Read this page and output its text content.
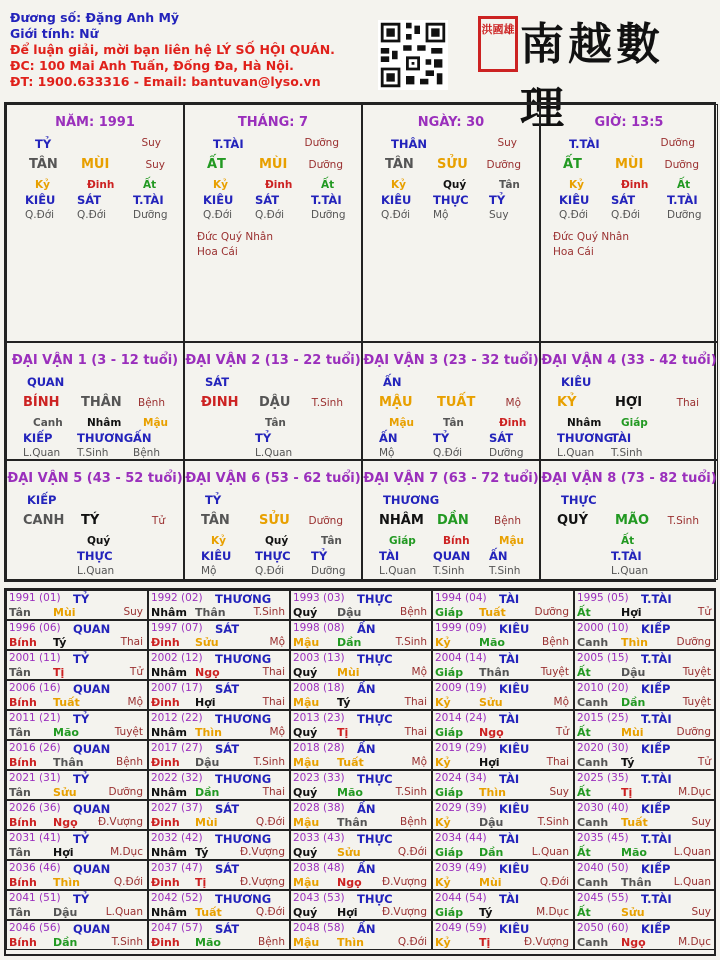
Đương số: Đặng Anh Mỹ
Giới tính: Nữ
Để luận giải, mời bạn liên hệ LÝ SỐ HỘI QUÁN.
ĐC: 100 Mai Anh Tuấn, Đống Đa, Hà Nội.
ĐT: 1900.633316 - Email: bantuvan@lyso.vn
洪國雄 南越數理
NĂM: 1991
TỶ	Suy
TÂN MÙI	Suy
Kỷ
KIÊU
Q.Đới
Đinh
SÁT
Q.Đới
Ất
T.TÀI
Dưỡng
THÁNG: 7
T.TÀI	Dưỡng
ẤT	MÙI Dưỡng
Kỷ
KIÊU
Q.Đới
Đinh
SÁT
Q.Đới
Ất
T.TÀI
Dưỡng
Đức Quý Nhân
Hoa Cái
NGÀY: 30
THÂN	Suy
TÂN SỬU Dưỡng
Kỷ
KIÊU
Q.Đới
Quý
THỰC
Mộ
Tân
TỶ
Suy
GIỜ: 13:5
T.TÀI	Dưỡng
ẤT	MÙI Dưỡng
Kỷ
KIÊU
Q.Đới
Đinh
SÁT
Q.Đới
Ất
T.TÀI
Dưỡng
Đức Quý Nhân
Hoa Cái
ĐẠI VẬN 1 (3 - 12 tuổi)
QUAN
BÍNH THÂN Bệnh
Canh
KIẾP
L.Quan
Nhâm
THƯƠNG
T.Sinh
Mậu
ẤN
Bệnh
ĐẠI VẬN 2 (13 - 22 tuổi)
SÁT
ĐINH DẬU T.Sinh
Tân
TỶ
L.Quan
ĐẠI VẬN 3 (23 - 32 tuổi)
ẤN
MẬU TUẤT	Mộ
Mậu
ẤN
Mộ
Tân
TỶ
Q.Đới
Đinh
SÁT
Dưỡng
ĐẠI VẬN 4 (33 - 42 tuổi)
KIÊU
KỶ	HỢI	Thai
Nhâm
THƯƠNG
L.Quan
Giáp
TÀI
T.Sinh
ĐẠI VẬN 5 (43 - 52 tuổi)
KIẾP
CANH TÝ	Tử
Quý
THỰC
L.Quan
ĐẠI VẬN 6 (53 - 62 tuổi)
TỶ
TÂN SỬU Dưỡng
Kỷ
KIÊU
Mộ
Quý
THỰC
Q.Đới
Tân
TỶ
Dưỡng
ĐẠI VẬN 7 (63 - 72 tuổi)
THƯƠNG
NHÂM DẦN Bệnh
Giáp
TÀI
L.Quan
Bính
QUAN
T.Sinh
Mậu
ẤN
T.Sinh
ĐẠI VẬN 8 (73 - 82 tuổi)
THỰC
QUÝ MÃO T.Sinh
Ất
T.TÀI
L.Quan
1991 (01) TỶ
Tân Mùi	Suy
1992 (02) THƯƠNG
Nhâm Thân	T.Sinh
1993 (03) THỰC
Quý Dậu	Bệnh
1994 (04) TÀI
Giáp Tuất	Dưỡng
1995 (05) T.TÀI
Ất	Hợi	Tử
1996 (06) QUAN
Bính Tý	Thai
1997 (07) SÁT
Đinh Sửu	Mộ
1998 (08) ẤN
Mậu Dần	T.Sinh
1999 (09) KIÊU
Kỷ	Mão	Bệnh
2000 (10) KIẾP
Canh Thìn	Dưỡng
2001 (11) TỶ
Tân Tị	Tử
2002 (12) THƯƠNG
Nhâm Ngọ	Thai
2003 (13) THỰC
Quý Mùi	Mộ
2004 (14) TÀI
Giáp Thân	Tuyệt
2005 (15) T.TÀI
Ất	Dậu	Tuyệt
2006 (16) QUAN
Bính Tuất	Mộ
2007 (17) SÁT
Đinh Hợi	Thai
2008 (18) ẤN
Mậu Tý	Thai
2009 (19) KIÊU
Kỷ	Sửu	Mộ
2010 (20) KIẾP
Canh Dần	Tuyệt
2011 (21) TỶ
Tân Mão	Tuyệt
2012 (22) THƯƠNG
Nhâm Thìn	Mộ
2013 (23) THỰC
Quý Tị	Thai
2014 (24) TÀI
Giáp Ngọ	Tử
2015 (25) T.TÀI
Ất	Mùi	Dưỡng
2016 (26) QUAN
Bính Thân	Bệnh
2017 (27) SÁT
Đinh Dậu	T.Sinh
2018 (28) ẤN
Mậu Tuất	Mộ
2019 (29) KIÊU
Kỷ	Hợi	Thai
2020 (30) KIẾP
Canh Tý	Tử
2021 (31) TỶ
Tân Sửu	Dưỡng
2022 (32) THƯƠNG
Nhâm Dần	Thai
2023 (33) THỰC
Quý Mão	T.Sinh
2024 (34) TÀI
Giáp Thìn	Suy
2025 (35) T.TÀI
Ất	Tị	M.Dục
2026 (36) QUAN
Bính Ngọ Đ.Vượng
2027 (37) SÁT
Đinh Mùi	Q.Đới
2028 (38) ẤN
Mậu Thân	Bệnh
2029 (39) KIÊU
Kỷ	Dậu	T.Sinh
2030 (40) KIẾP
Canh Tuất	Suy
2031 (41) TỶ
Tân Hợi	M.Dục
2032 (42) THƯƠNG
Nhâm Tý	Đ.Vượng
2033 (43) THỰC
Quý Sửu	Q.Đới
2034 (44) TÀI
Giáp Dần	L.Quan
2035 (45) T.TÀI
Ất	Mão	L.Quan
2036 (46) QUAN
Bính Thìn	Q.Đới
2037 (47) SÁT
Đinh Tị	Đ.Vượng
2038 (48) ẤN
Mậu Ngọ Đ.Vượng
2039 (49) KIÊU
Kỷ	Mùi	Q.Đới
2040 (50) KIẾP
Canh Thân L.Quan
2041 (51) TỶ
Tân Dậu	L.Quan
2042 (52) THƯƠNG
Nhâm Tuất	Q.Đới
2043 (53) THỰC
Quý Hợi Đ.Vượng
2044 (54) TÀI
Giáp Tý	M.Dục
2045 (55) T.TÀI
Ất	Sửu	Suy
2046 (56) QUAN
Bính Dần	T.Sinh
2047 (57) SÁT
Đinh Mão	Bệnh
2048 (58) ẤN
Mậu Thìn	Q.Đới
2049 (59) KIÊU
Kỷ	Tị	Đ.Vượng
2050 (60) KIẾP
Canh Ngọ	M.Dục
